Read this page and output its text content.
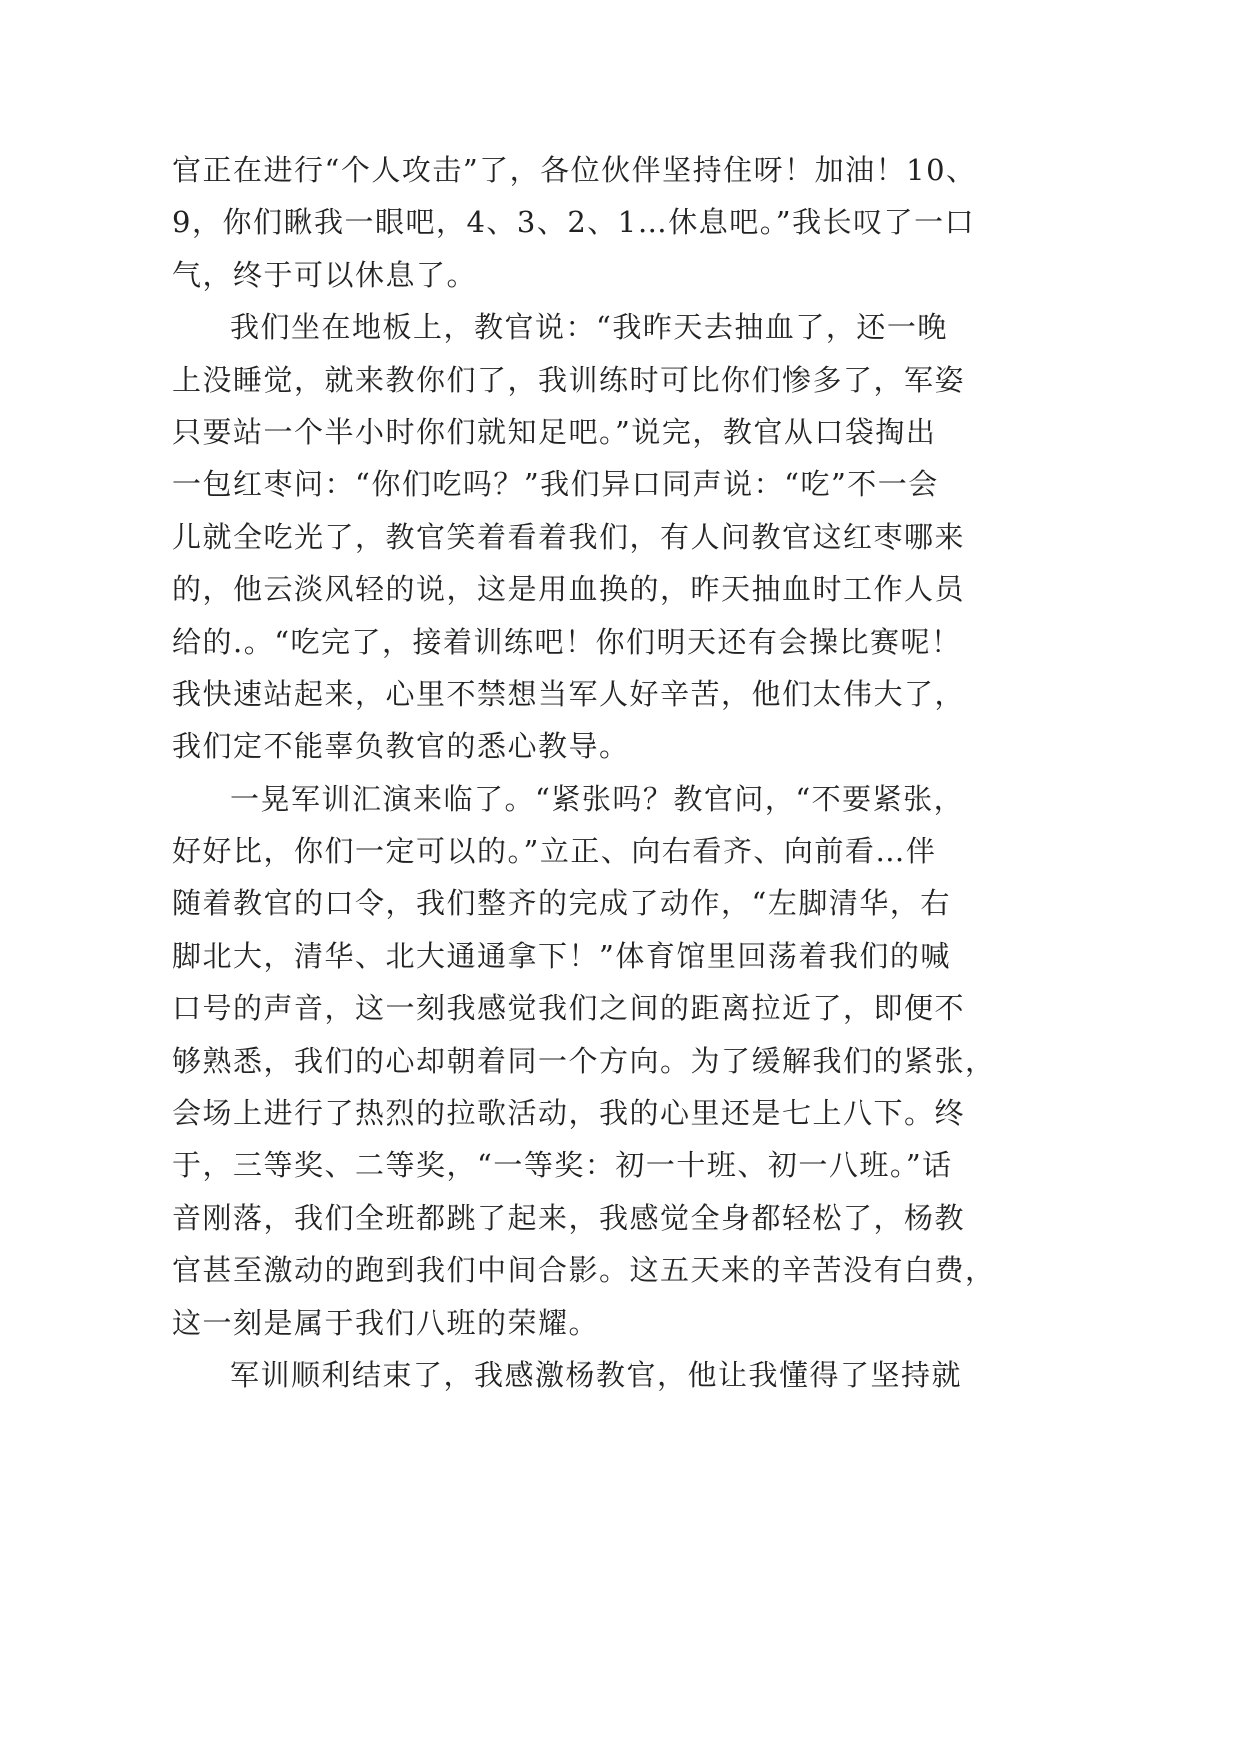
官正在进行“个人攻击”了，各位伙伴坚持住呀！加油！10、
9，你们瞅我一眼吧，4、3、2、1…休息吧。”我长叹了一口
气，终于可以休息了。
我们坐在地板上，教官说：“我昨天去抽血了，还一晚
上没睡觉，就来教你们了，我训练时可比你们惨多了，军姿
只要站一个半小时你们就知足吧。”说完，教官从口袋掏出
一包红枣问：“你们吃吗？”我们异口同声说：“吃”不一会
儿就全吃光了，教官笑着看着我们，有人问教官这红枣哪来
的，他云淡风轻的说，这是用血换的，昨天抽血时工作人员
给的.。“吃完了，接着训练吧！你们明天还有会操比赛呢！
我快速站起来，心里不禁想当军人好辛苦，他们太伟大了，
我们定不能辜负教官的悉心教导。
一晃军训汇演来临了。“紧张吗？教官问，“不要紧张，
好好比，你们一定可以的。”立正、向右看齐、向前看…伴
随着教官的口令，我们整齐的完成了动作，“左脚清华，右
脚北大，清华、北大通通拿下！”体育馆里回荡着我们的喊
口号的声音，这一刻我感觉我们之间的距离拉近了，即便不
够熟悉，我们的心却朝着同一个方向。为了缓解我们的紧张，
会场上进行了热烈的拉歌活动，我的心里还是七上八下。终
于，三等奖、二等奖，“一等奖：初一十班、初一八班。”话
音刚落，我们全班都跳了起来，我感觉全身都轻松了，杨教
官甚至激动的跑到我们中间合影。这五天来的辛苦没有白费，
这一刻是属于我们八班的荣耀。
军训顺利结束了，我感激杨教官，他让我懂得了坚持就
